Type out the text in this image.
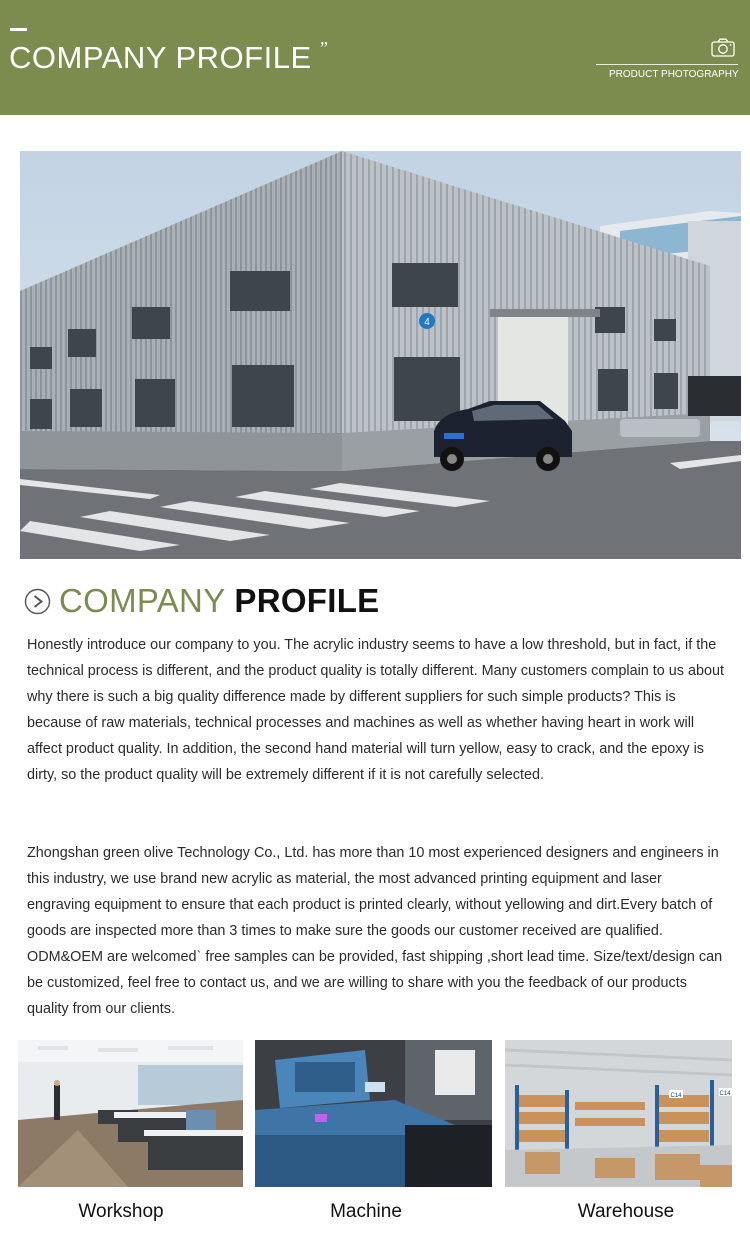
COMPANY PROFILE ”
PRODUCT PHOTOGRAPHY
4
COMPANY PROFILE
Honestly introduce our company to you. The acrylic industry seems to have a low threshold, but in fact, if the technical process is different, and the product quality is totally different. Many customers complain to us about why there is such a big quality difference made by different suppliers for such simple products? This is because of raw materials, technical processes and machines as well as whether having heart in work will affect product quality. In addition, the second hand material will turn yellow, easy to crack, and the epoxy is dirty, so the product quality will be extremely different if it is not carefully selected.
Zhongshan green olive Technology Co., Ltd. has more than 10 most experienced designers and engineers in this industry, we use brand new acrylic as material, the most advanced printing equipment and laser engraving equipment to ensure that each product is printed clearly, without yellowing and dirt.Every batch of goods are inspected more than 3 times to make sure the goods our customer received are qualified. ODM&OEM are welcomedˋ free samples can be provided, fast shipping ,short lead time. Size/text/design can be customized, feel free to contact us, and we are willing to share with you the feedback of our products quality from our clients.
C14	C14
Workshop	Machine	Warehouse
